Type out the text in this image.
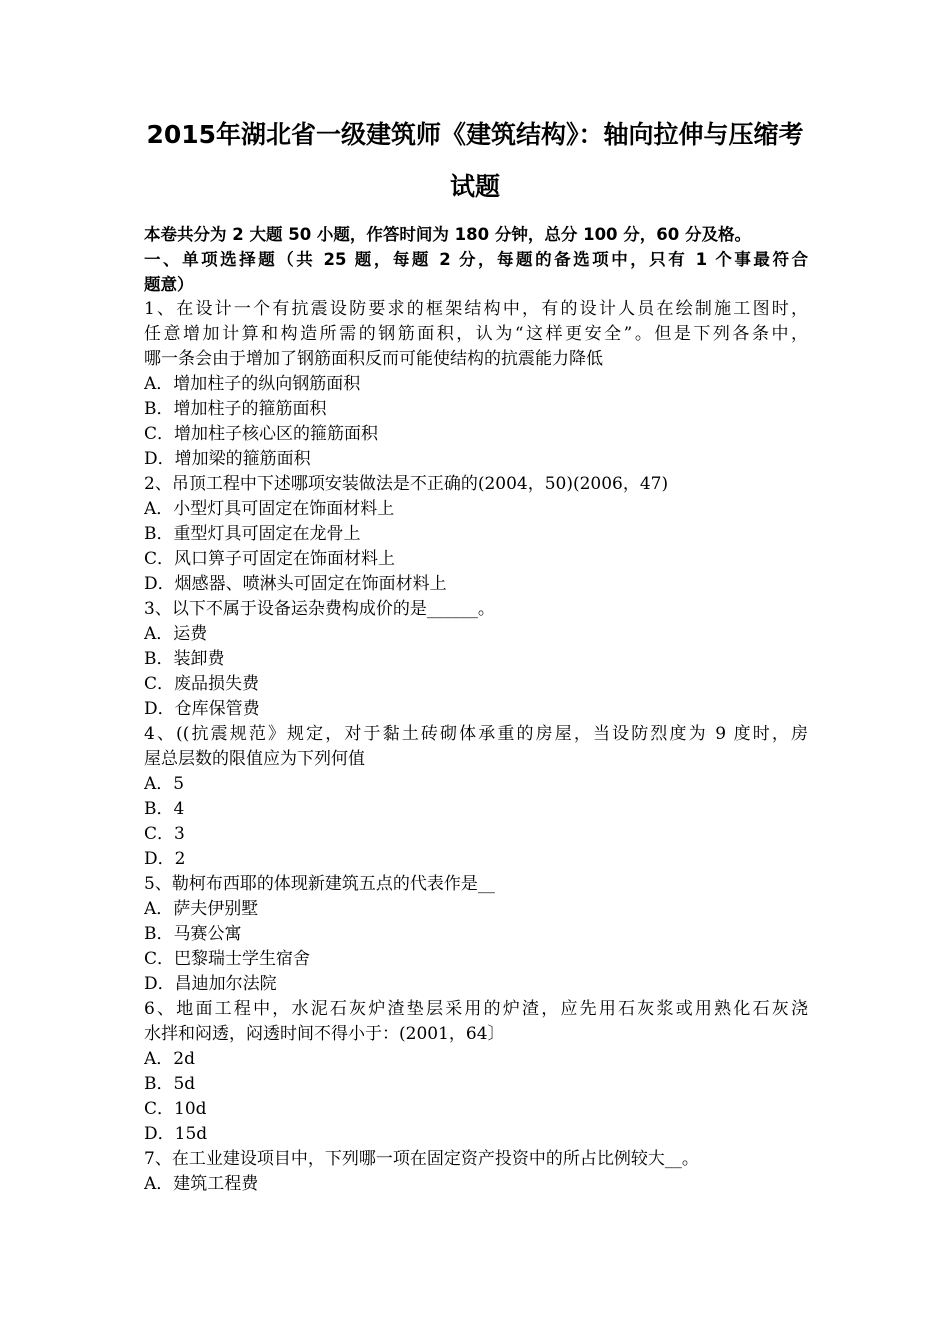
2015年湖北省一级建筑师《建筑结构》：轴向拉伸与压缩考
试题
本卷共分为 2 大题 50 小题，作答时间为 180 分钟，总分 100 分，60 分及格。
一、单项选择题（共 25 题，每题 2 分，每题的备选项中，只有 1 个事最符合
题意）
1、在设计一个有抗震设防要求的框架结构中，有的设计人员在绘制施工图时，
任意增加计算和构造所需的钢筋面积，认为“这样更安全”。但是下列各条中，
哪一条会由于增加了钢筋面积反而可能使结构的抗震能力降低
A．增加柱子的纵向钢筋面积
B．增加柱子的箍筋面积
C．增加柱子核心区的箍筋面积
D．增加梁的箍筋面积
2、吊顶工程中下述哪项安装做法是不正确的(2004，50)(2006，47)
A．小型灯具可固定在饰面材料上
B．重型灯具可固定在龙骨上
C．风口箅子可固定在饰面材料上
D．烟感器、喷淋头可固定在饰面材料上
3、以下不属于设备运杂费构成价的是______。
A．运费
B．装卸费
C．废品损失费
D．仓库保管费
4、((抗震规范》规定，对于黏土砖砌体承重的房屋，当设防烈度为 9 度时，房
屋总层数的限值应为下列何值
A．5
B．4
C．3
D．2
5、勒柯布西耶的体现新建筑五点的代表作是__
A．萨夫伊别墅
B．马赛公寓
C．巴黎瑞士学生宿舍
D．昌迪加尔法院
6、地面工程中，水泥石灰炉渣垫层采用的炉渣，应先用石灰浆或用熟化石灰浇
水拌和闷透，闷透时间不得小于：(2001，64〕
A．2d
B．5d
C．10d
D．15d
7、在工业建设项目中，下列哪一项在固定资产投资中的所占比例较大__。
A．建筑工程费
